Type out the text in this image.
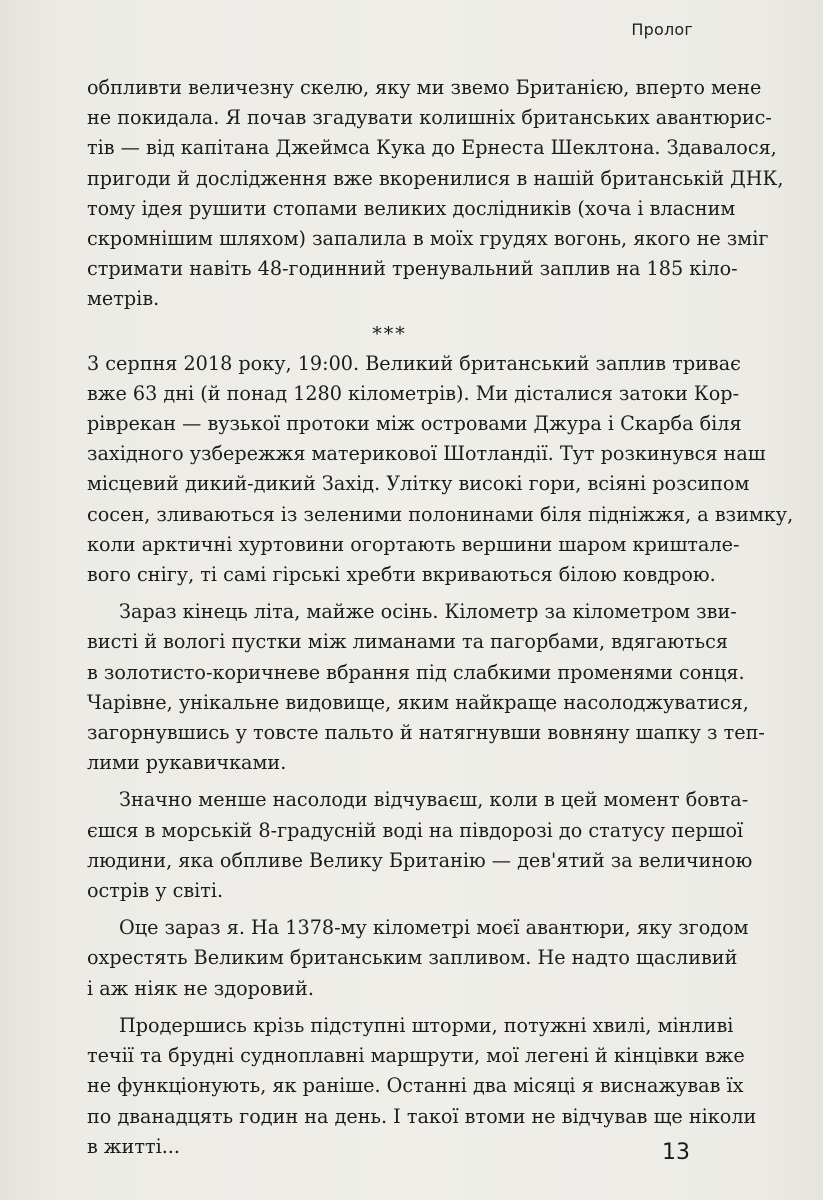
Пролог
обпливти величезну скелю, яку ми звемо Британією, вперто мене
не покидала. Я почав згадувати колишніх британських авантюрис-
тів — від капітана Джеймса Кука до Ернеста Шеклтона. Здавалося,
пригоди й дослідження вже вкоренилися в нашій британській ДНК,
тому ідея рушити стопами великих дослідників (хоча і власним
скромнішим шляхом) запалила в моїх грудях вогонь, якого не зміг
стримати навіть 48-годинний тренувальний заплив на 185 кіло-
метрів.
***
3 серпня 2018 року, 19:00. Великий британський заплив триває
вже 63 дні (й понад 1280 кілометрів). Ми дісталися затоки Кор-
ріврекан — вузької протоки між островами Джура і Скарба біля
західного узбережжя материкової Шотландії. Тут розкинувся наш
місцевий дикий-дикий Захід. Улітку високі гори, всіяні розсипом
сосен, зливаються із зеленими полонинами біля підніжжя, а взимку,
коли арктичні хуртовини огортають вершини шаром криштале-
вого снігу, ті самі гірські хребти вкриваються білою ковдрою.
Зараз кінець літа, майже осінь. Кілометр за кілометром зви-
висті й вологі пустки між лиманами та пагорбами, вдягаються
в золотисто-коричневе вбрання під слабкими променями сонця.
Чарівне, унікальне видовище, яким найкраще насолоджуватися,
загорнувшись у товсте пальто й натягнувши вовняну шапку з теп-
лими рукавичками.
Значно менше насолоди відчуваєш, коли в цей момент бовта-
єшся в морській 8-градусній воді на півдорозі до статусу першої
людини, яка обпливе Велику Британію — дев'ятий за величиною
острів у світі.
Оце зараз я. На 1378-му кілометрі моєї авантюри, яку згодом
охрестять Великим британським запливом. Не надто щасливий
і аж ніяк не здоровий.
Продершись крізь підступні шторми, потужні хвилі, мінливі
течії та брудні судноплавні маршрути, мої легені й кінцівки вже
не функціонують, як раніше. Останні два місяці я виснажував їх
по дванадцять годин на день. І такої втоми не відчував ще ніколи
в житті...	13
